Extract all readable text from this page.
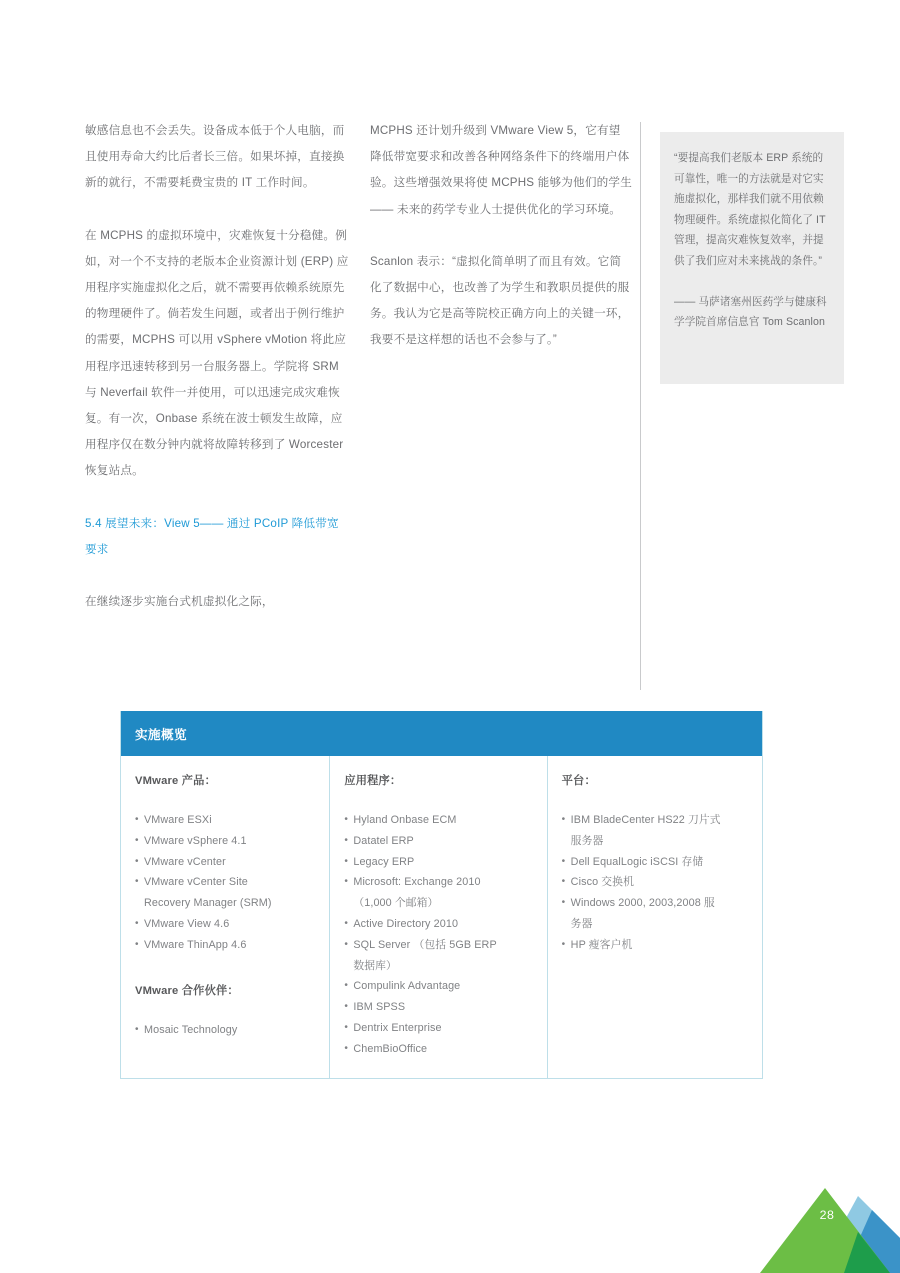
敏感信息也不会丢失。设备成本低于个人电脑，而且使用寿命大约比后者长三倍。如果坏掉，直接换新的就行，不需要耗费宝贵的 IT 工作时间。

在 MCPHS 的虚拟环境中，灾难恢复十分稳健。例如，对一个不支持的老版本企业资源计划 (ERP) 应用程序实施虚拟化之后，就不需要再依赖系统原先的物理硬件了。倘若发生问题，或者出于例行维护的需要，MCPHS 可以用 vSphere vMotion 将此应用程序迅速转移到另一台服务器上。学院将 SRM 与 Neverfail 软件一并使用，可以迅速完成灾难恢复。有一次，Onbase 系统在波士顿发生故障，应用程序仅在数分钟内就将故障转移到了 Worcester 恢复站点。

5.4 展望未来：View 5—— 通过 PCoIP 降低带宽要求

在继续逐步实施台式机虚拟化之际，

MCPHS 还计划升级到 VMware View 5，它有望降低带宽要求和改善各种网络条件下的终端用户体验。这些增强效果将使 MCPHS 能够为他们的学生 —— 未来的药学专业人士提供优化的学习环境。

Scanlon 表示：“虚拟化简单明了而且有效。它简化了数据中心，也改善了为学生和教职员提供的服务。我认为它是高等院校正确方向上的关键一环，我要不是这样想的话也不会参与了。”

“要提高我们老版本 ERP 系统的可靠性，唯一的方法就是对它实施虚拟化，那样我们就不用依赖物理硬件。系统虚拟化简化了 IT 管理，提高灾难恢复效率，并提供了我们应对未来挑战的条件。”

—— 马萨诸塞州医药学与健康科学学院首席信息官 Tom Scanlon

实施概览
VMware 产品：
• VMware ESXi
• VMware vSphere 4.1
• VMware vCenter
• VMware vCenter Site
Recovery Manager (SRM)
• VMware View 4.6
• VMware ThinApp 4.6
VMware 合作伙伴：
• Mosaic Technology
应用程序：
• Hyland Onbase ECM
• Datatel ERP
• Legacy ERP
• Microsoft: Exchange 2010
（1,000 个邮箱）
• Active Directory 2010
• SQL Server （包括 5GB ERP
数据库）
• Compulink Advantage
• IBM SPSS
• Dentrix Enterprise
• ChemBioOffice
平台：
• IBM BladeCenter HS22 刀片式
服务器
• Dell EqualLogic iSCSI 存储
• Cisco 交换机
• Windows 2000, 2003,2008 服
务器
• HP 瘦客户机
28
